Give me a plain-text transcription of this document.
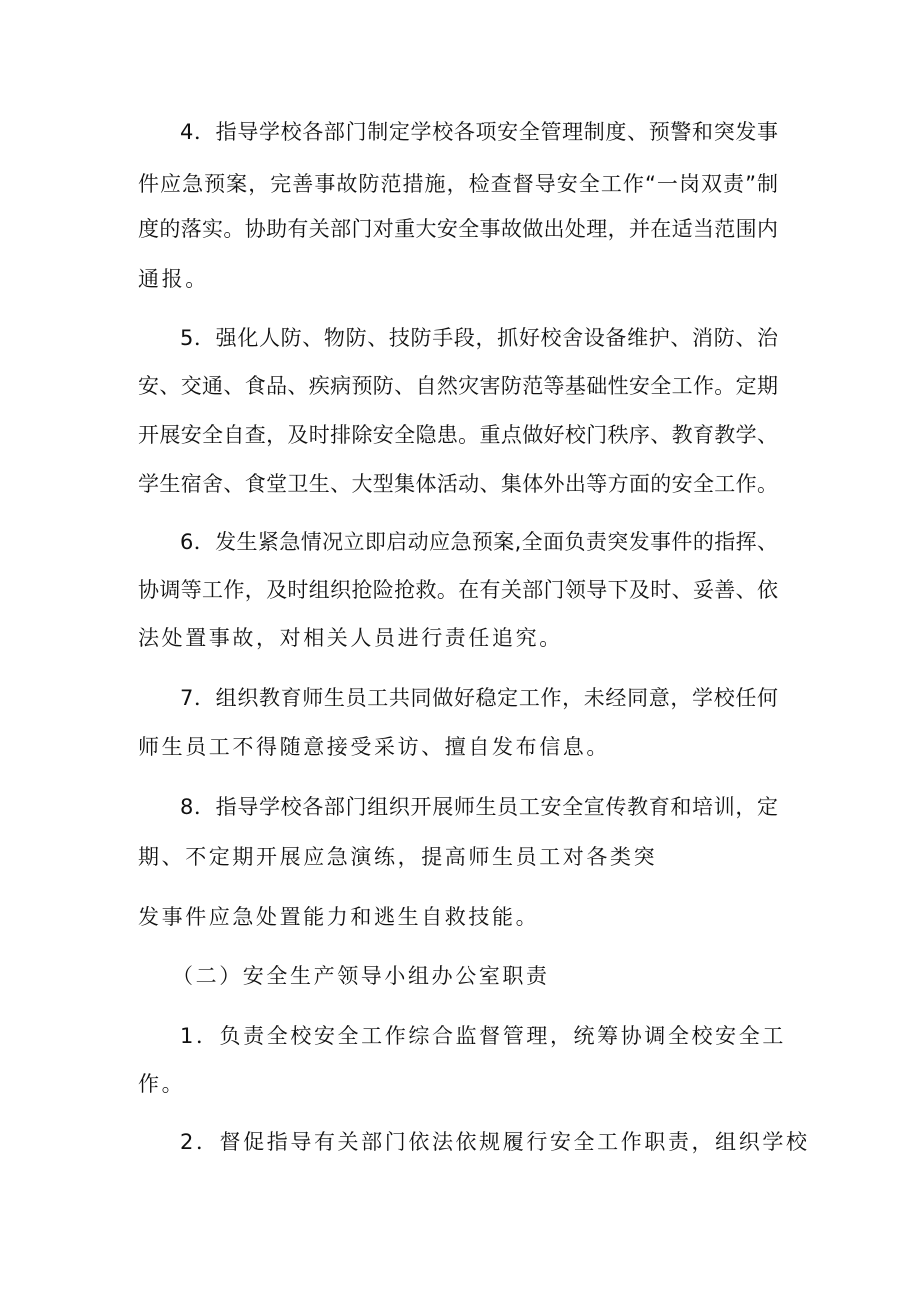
4．指导学校各部门制定学校各项安全管理制度、预警和突发事
件应急预案，完善事故防范措施，检查督导安全工作“一岗双责”制
度的落实。协助有关部门对重大安全事故做出处理，并在适当范围内
通报。
5．强化人防、物防、技防手段，抓好校舍设备维护、消防、治
安、交通、食品、疾病预防、自然灾害防范等基础性安全工作。定期
开展安全自查，及时排除安全隐患。重点做好校门秩序、教育教学、
学生宿舍、食堂卫生、大型集体活动、集体外出等方面的安全工作。
6．发生紧急情况立即启动应急预案,全面负责突发事件的指挥、
协调等工作，及时组织抢险抢救。在有关部门领导下及时、妥善、依
法处置事故，对相关人员进行责任追究。
7．组织教育师生员工共同做好稳定工作，未经同意，学校任何
师生员工不得随意接受采访、擅自发布信息。
8．指导学校各部门组织开展师生员工安全宣传教育和培训，定
期、不定期开展应急演练，提高师生员工对各类突
发事件应急处置能力和逃生自救技能。
（二）安全生产领导小组办公室职责
1．负责全校安全工作综合监督管理，统筹协调全校安全工
作。
2．督促指导有关部门依法依规履行安全工作职责，组织学校
